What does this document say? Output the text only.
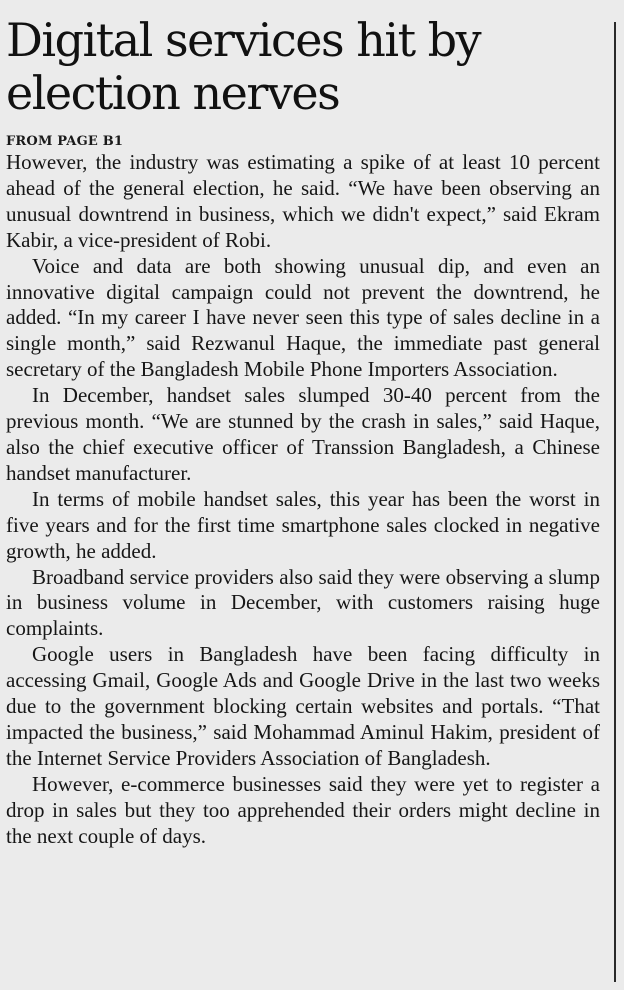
Digital services hit by election nerves
FROM PAGE B1

However, the industry was estimating a spike of at least 10 percent ahead of the general election, he said. “We have been observing an unusual downtrend in business, which we didn't expect,” said Ekram Kabir, a vice-president of Robi.

Voice and data are both showing unusual dip, and even an innovative digital campaign could not prevent the downtrend, he added. “In my career I have never seen this type of sales decline in a single month,” said Rezwanul Haque, the immediate past general secretary of the Bangladesh Mobile Phone Importers Association.

In December, handset sales slumped 30-40 percent from the previous month. “We are stunned by the crash in sales,” said Haque, also the chief executive officer of Transsion Bangladesh, a Chinese handset manufacturer.

In terms of mobile handset sales, this year has been the worst in five years and for the first time smartphone sales clocked in negative growth, he added.

Broadband service providers also said they were observing a slump in business volume in December, with customers raising huge complaints.

Google users in Bangladesh have been facing difficulty in accessing Gmail, Google Ads and Google Drive in the last two weeks due to the government blocking certain websites and portals. “That impacted the business,” said Mohammad Aminul Hakim, president of the Internet Service Providers Association of Bangladesh.

However, e-commerce businesses said they were yet to register a drop in sales but they too apprehended their orders might decline in the next couple of days.
